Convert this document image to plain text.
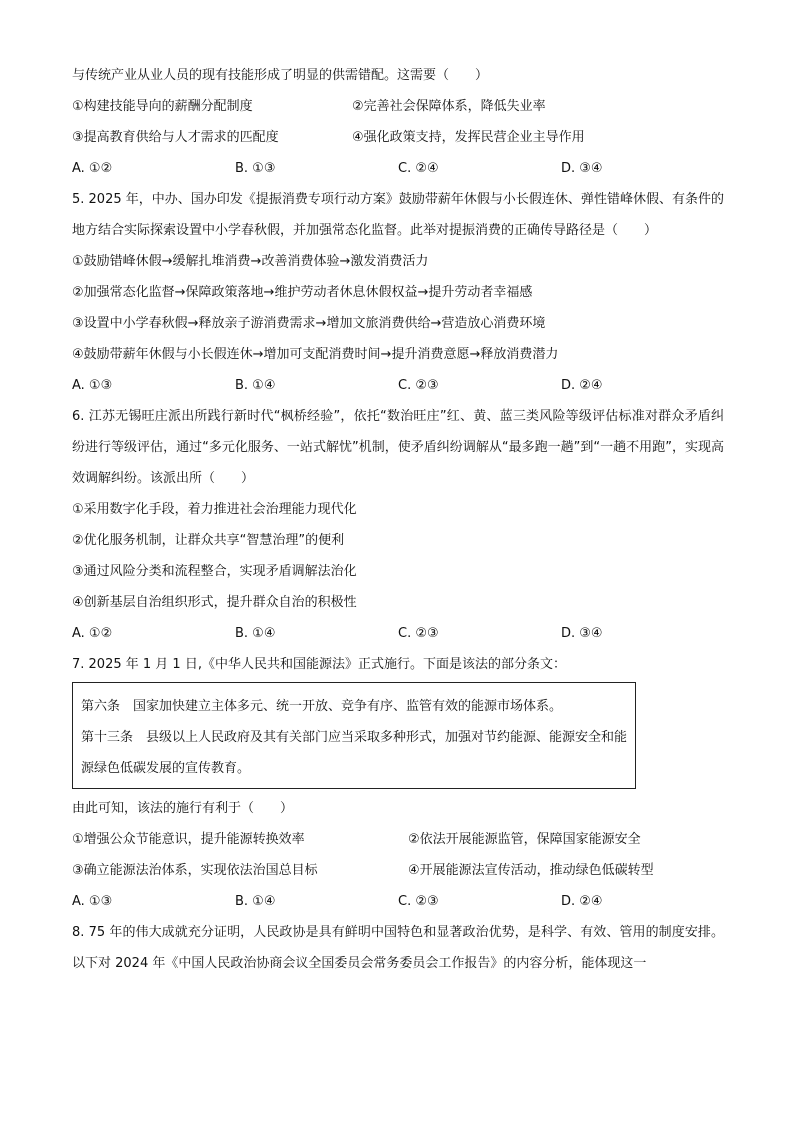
与传统产业从业人员的现有技能形成了明显的供需错配。这需要（　　）
①构建技能导向的薪酬分配制度	②完善社会保障体系，降低失业率
③提高教育供给与人才需求的匹配度	④强化政策支持，发挥民营企业主导作用
A. ①②	B. ①③	C. ②④	D. ③④
5. 2025 年，中办、国办印发《提振消费专项行动方案》鼓励带薪年休假与小长假连休、弹性错峰休假、有条件的地方结合实际探索设置中小学春秋假，并加强常态化监督。此举对提振消费的正确传导路径是（　　）
①鼓励错峰休假→缓解扎堆消费→改善消费体验→激发消费活力
②加强常态化监督→保障政策落地→维护劳动者休息休假权益→提升劳动者幸福感
③设置中小学春秋假→释放亲子游消费需求→增加文旅消费供给→营造放心消费环境
④鼓励带薪年休假与小长假连休→增加可支配消费时间→提升消费意愿→释放消费潜力
A. ①③	B. ①④	C. ②③	D. ②④
6. 江苏无锡旺庄派出所践行新时代“枫桥经验”，依托“数治旺庄”红、黄、蓝三类风险等级评估标准对群众矛盾纠纷进行等级评估，通过“多元化服务、一站式解忧”机制，使矛盾纠纷调解从“最多跑一趟”到“一趟不用跑”，实现高效调解纠纷。该派出所（　　）
①采用数字化手段，着力推进社会治理能力现代化
②优化服务机制，让群众共享“智慧治理”的便利
③通过风险分类和流程整合，实现矛盾调解法治化
④创新基层自治组织形式，提升群众自治的积极性
A. ①②	B. ①④	C. ②③	D. ③④
7. 2025 年 1 月 1 日,《中华人民共和国能源法》正式施行。下面是该法的部分条文：
第六条　国家加快建立主体多元、统一开放、竞争有序、监管有效的能源市场体系。
第十三条　县级以上人民政府及其有关部门应当采取多种形式，加强对节约能源、能源安全和能源绿色低碳发展的宣传教育。
由此可知，该法的施行有利于（　　）
①增强公众节能意识，提升能源转换效率	②依法开展能源监管，保障国家能源安全
③确立能源法治体系，实现依法治国总目标	④开展能源法宣传活动，推动绿色低碳转型
A. ①③	B. ①④	C. ②③	D. ②④
8. 75 年的伟大成就充分证明，人民政协是具有鲜明中国特色和显著政治优势，是科学、有效、管用的制度安排。以下对 2024 年《中国人民政治协商会议全国委员会常务委员会工作报告》的内容分析，能体现这一
